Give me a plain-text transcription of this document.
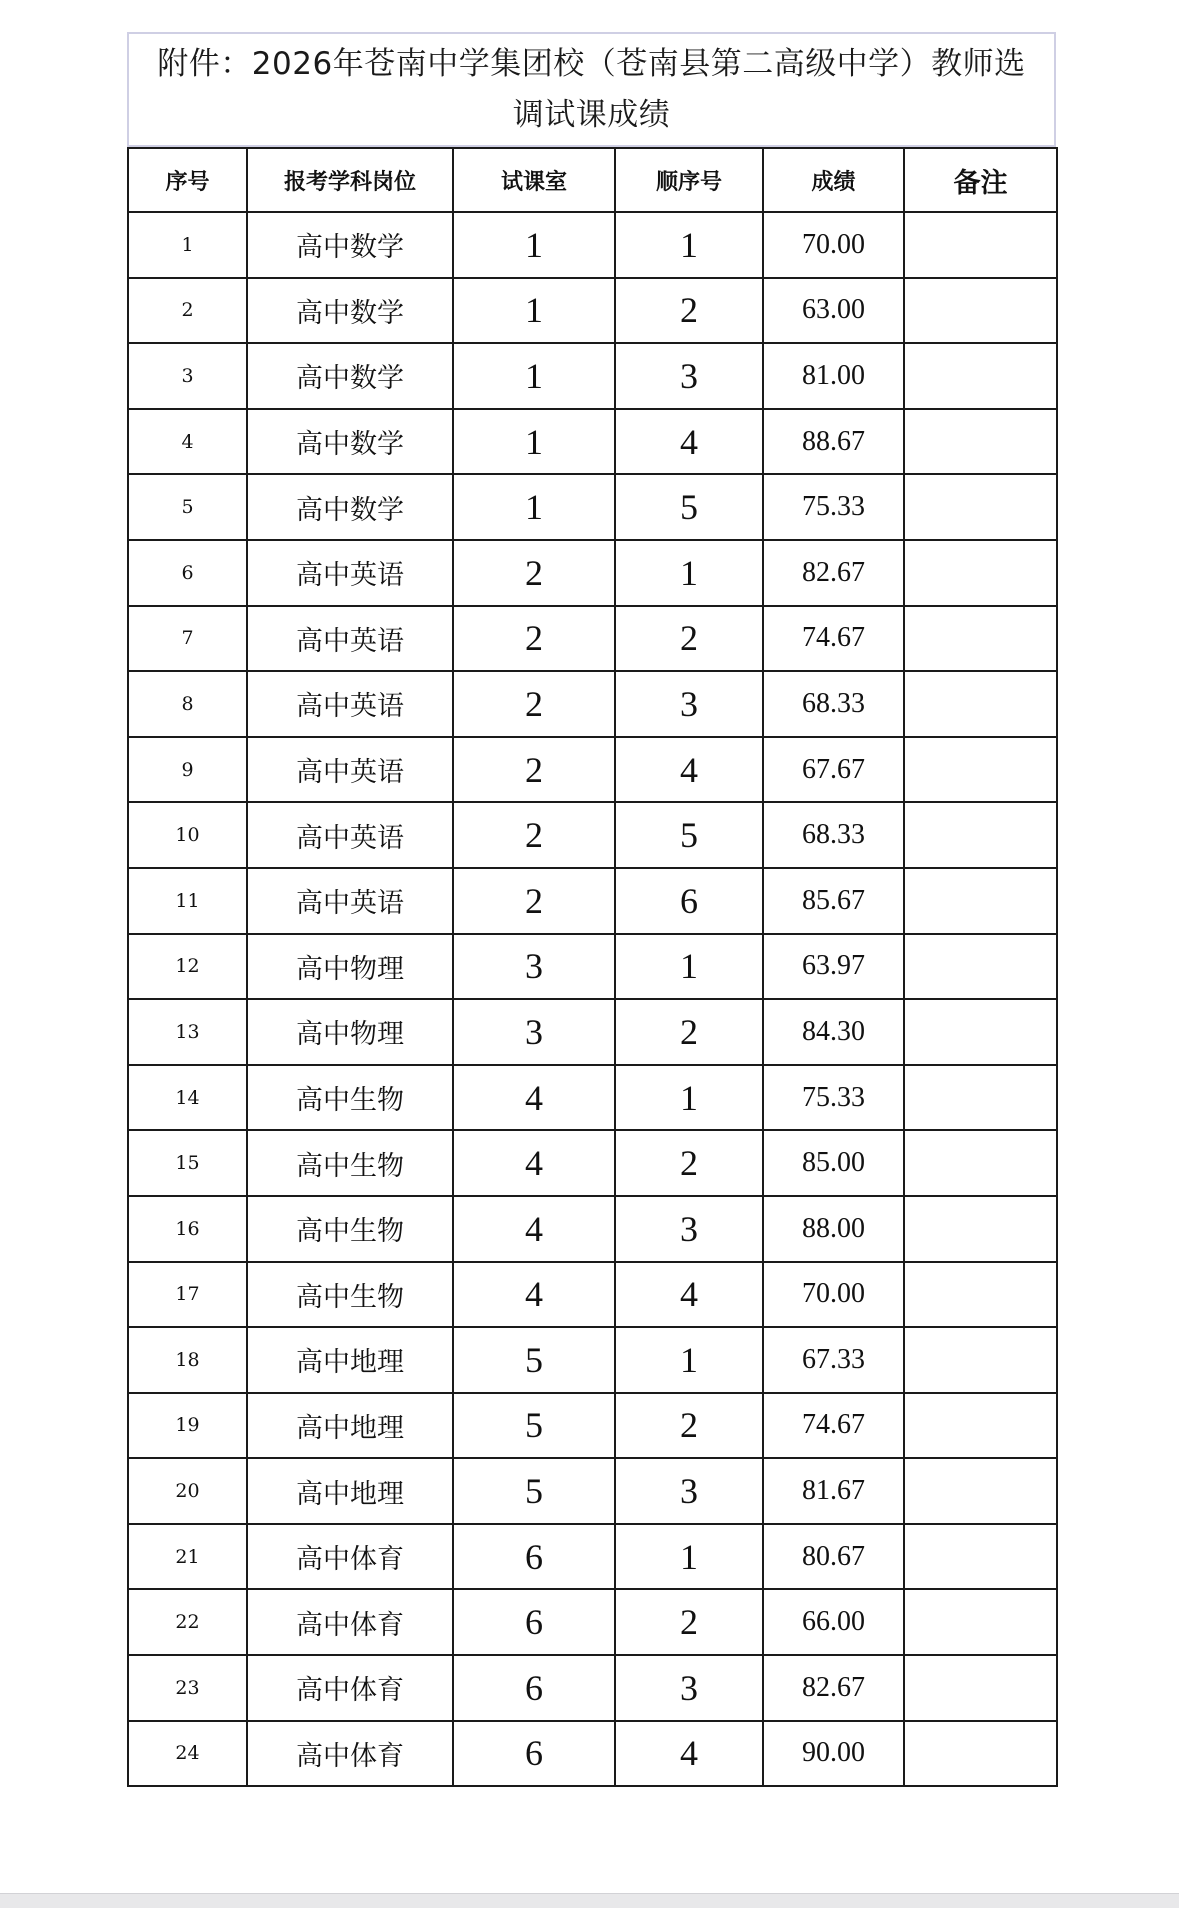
附件：2026年苍南中学集团校（苍南县第二高级中学）教师选
调试课成绩
序号	报考学科岗位	试课室	顺序号	成绩	备注
1	高中数学	1	1	70.00	
2	高中数学	1	2	63.00	
3	高中数学	1	3	81.00	
4	高中数学	1	4	88.67	
5	高中数学	1	5	75.33	
6	高中英语	2	1	82.67	
7	高中英语	2	2	74.67	
8	高中英语	2	3	68.33	
9	高中英语	2	4	67.67	
10	高中英语	2	5	68.33	
11	高中英语	2	6	85.67	
12	高中物理	3	1	63.97	
13	高中物理	3	2	84.30	
14	高中生物	4	1	75.33	
15	高中生物	4	2	85.00	
16	高中生物	4	3	88.00	
17	高中生物	4	4	70.00	
18	高中地理	5	1	67.33	
19	高中地理	5	2	74.67	
20	高中地理	5	3	81.67	
21	高中体育	6	1	80.67	
22	高中体育	6	2	66.00	
23	高中体育	6	3	82.67	
24	高中体育	6	4	90.00	
